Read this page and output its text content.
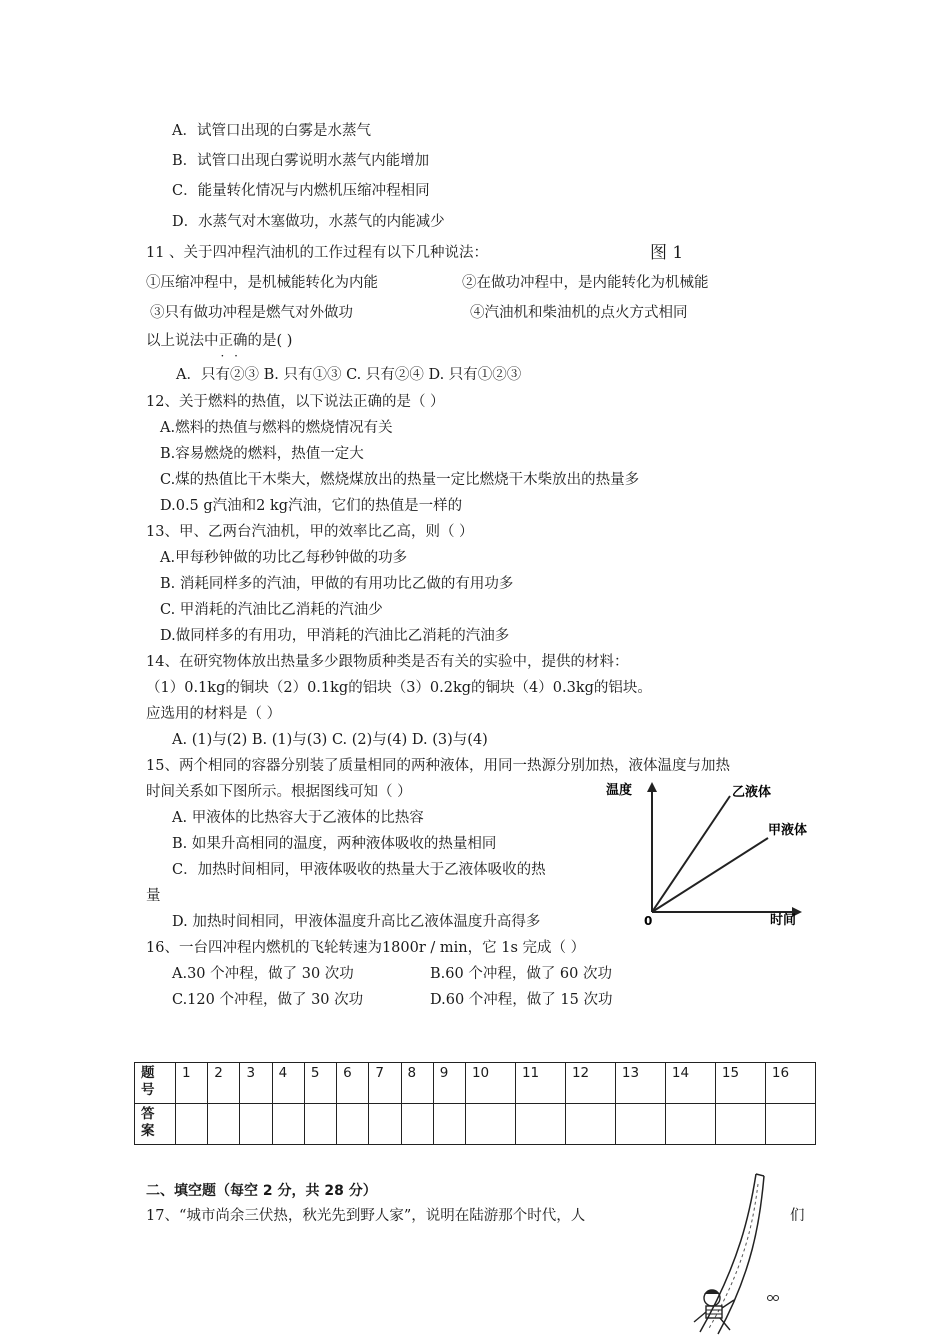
A．试管口出现的白雾是水蒸气
B．试管口出现白雾说明水蒸气内能增加
C．能量转化情况与内燃机压缩冲程相同
D．水蒸气对木塞做功，水蒸气的内能减少
图 1
11 、关于四冲程汽油机的工作过程有以下几种说法：
①压缩冲程中，是机械能转化为内能	②在做功冲程中，是内能转化为机械能
③只有做功冲程是燃气对外做功	④汽油机和柴油机的点火方式相同
以上说法中正确 · ·的是( )
A．只有②③ B. 只有①③ C. 只有②④ D. 只有①②③
12、关于燃料的热值，以下说法正确的是（ ）
A.燃料的热值与燃料的燃烧情况有关
B.容易燃烧的燃料，热值一定大
C.煤的热值比干木柴大，燃烧煤放出的热量一定比燃烧干木柴放出的热量多
D.0.5 g汽油和2 kg汽油，它们的热值是一样的
13、甲、乙两台汽油机，甲的效率比乙高，则（ ）
A.甲每秒钟做的功比乙每秒钟做的功多
B. 消耗同样多的汽油，甲做的有用功比乙做的有用功多
C. 甲消耗的汽油比乙消耗的汽油少
D.做同样多的有用功，甲消耗的汽油比乙消耗的汽油多
14、在研究物体放出热量多少跟物质种类是否有关的实验中，提供的材料：
（1）0.1kg的铜块（2）0.1kg的铝块（3）0.2kg的铜块（4）0.3kg的铝块。
应选用的材料是（ ）
A. (1)与(2) B. (1)与(3) C. (2)与(4) D. (3)与(4)
15、两个相同的容器分别装了质量相同的两种液体，用同一热源分别加热，液体温度与加热
时间关系如下图所示。根据图线可知（ ）
A. 甲液体的比热容大于乙液体的比热容
B. 如果升高相同的温度，两种液体吸收的热量相同
C．加热时间相同，甲液体吸收的热量大于乙液体吸收的热
量
D. 加热时间相同，甲液体温度升高比乙液体温度升高得多
温度
时间
0
乙液体
甲液体
16、一台四冲程内燃机的飞轮转速为1800r / min，它 1s 完成（ ）
A.30 个冲程，做了 30 次功	B.60 个冲程，做了 60 次功
C.120 个冲程，做了 30 次功	D.60 个冲程，做了 15 次功
题
号	1	2	3	4	5	6	7	8	9	10	11	12	13	14	15	16
答
案																
二、填空题（每空 2 分，共 28 分）
17、“城市尚余三伏热，秋光先到野人家”，说明在陆游那个时代，人	们
